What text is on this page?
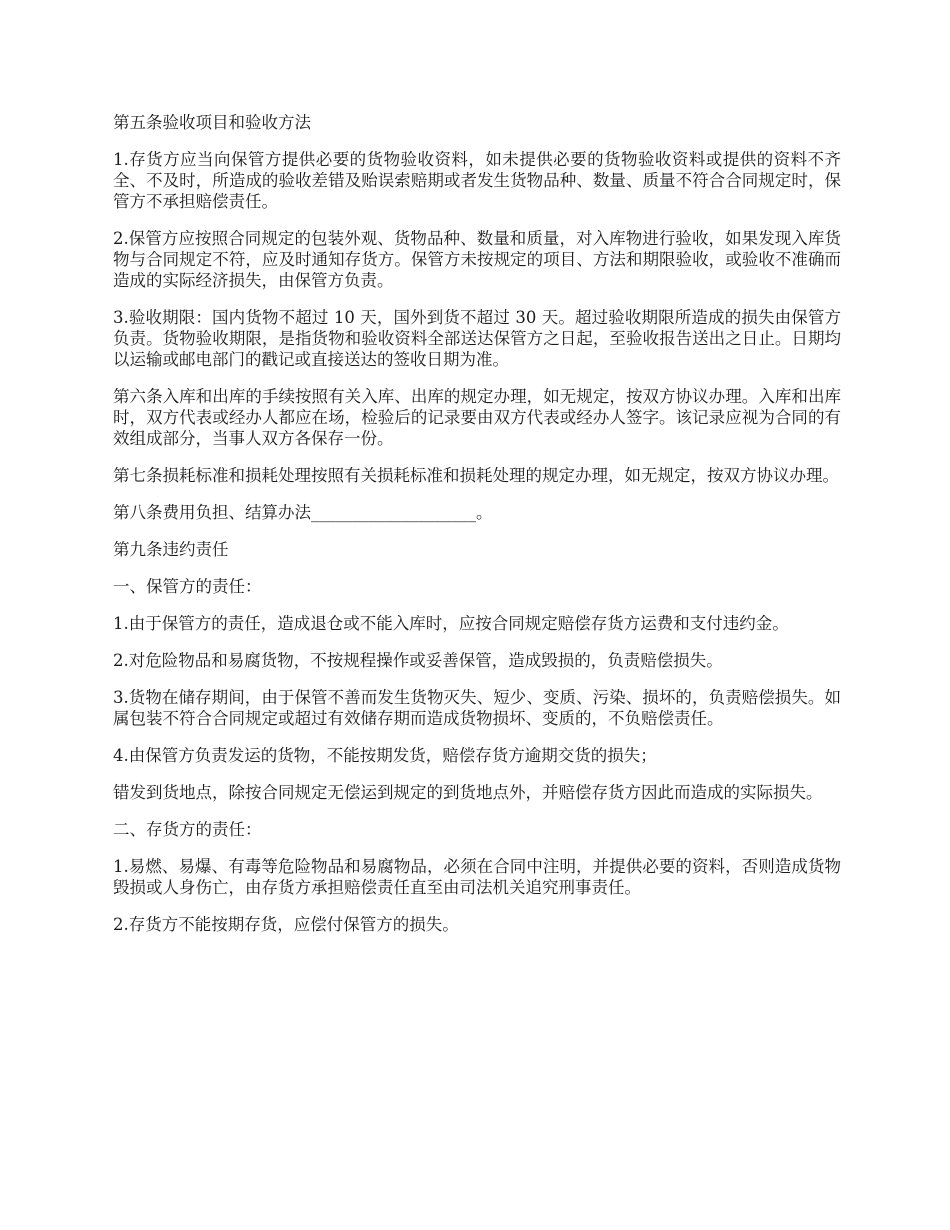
第五条验收项目和验收方法

1.存货方应当向保管方提供必要的货物验收资料，如未提供必要的货物验收资料或提供的资料不齐全、不及时，所造成的验收差错及贻误索赔期或者发生货物品种、数量、质量不符合合同规定时，保管方不承担赔偿责任。

2.保管方应按照合同规定的包装外观、货物品种、数量和质量，对入库物进行验收，如果发现入库货物与合同规定不符，应及时通知存货方。保管方未按规定的项目、方法和期限验收，或验收不准确而造成的实际经济损失，由保管方负责。

3.验收期限：国内货物不超过 10 天，国外到货不超过 30 天。超过验收期限所造成的损失由保管方负责。货物验收期限，是指货物和验收资料全部送达保管方之日起，至验收报告送出之日止。日期均以运输或邮电部门的戳记或直接送达的签收日期为准。

第六条入库和出库的手续按照有关入库、出库的规定办理，如无规定，按双方协议办理。入库和出库时，双方代表或经办人都应在场，检验后的记录要由双方代表或经办人签字。该记录应视为合同的有效组成部分，当事人双方各保存一份。

第七条损耗标准和损耗处理按照有关损耗标准和损耗处理的规定办理，如无规定，按双方协议办理。

第八条费用负担、结算办法____________________。

第九条违约责任

一、保管方的责任：

1.由于保管方的责任，造成退仓或不能入库时，应按合同规定赔偿存货方运费和支付违约金。

2.对危险物品和易腐货物，不按规程操作或妥善保管，造成毁损的，负责赔偿损失。

3.货物在储存期间，由于保管不善而发生货物灭失、短少、变质、污染、损坏的，负责赔偿损失。如属包装不符合合同规定或超过有效储存期而造成货物损坏、变质的，不负赔偿责任。

4.由保管方负责发运的货物，不能按期发货，赔偿存货方逾期交货的损失；

错发到货地点，除按合同规定无偿运到规定的到货地点外，并赔偿存货方因此而造成的实际损失。

二、存货方的责任：

1.易燃、易爆、有毒等危险物品和易腐物品，必须在合同中注明，并提供必要的资料，否则造成货物毁损或人身伤亡，由存货方承担赔偿责任直至由司法机关追究刑事责任。

2.存货方不能按期存货，应偿付保管方的损失。
